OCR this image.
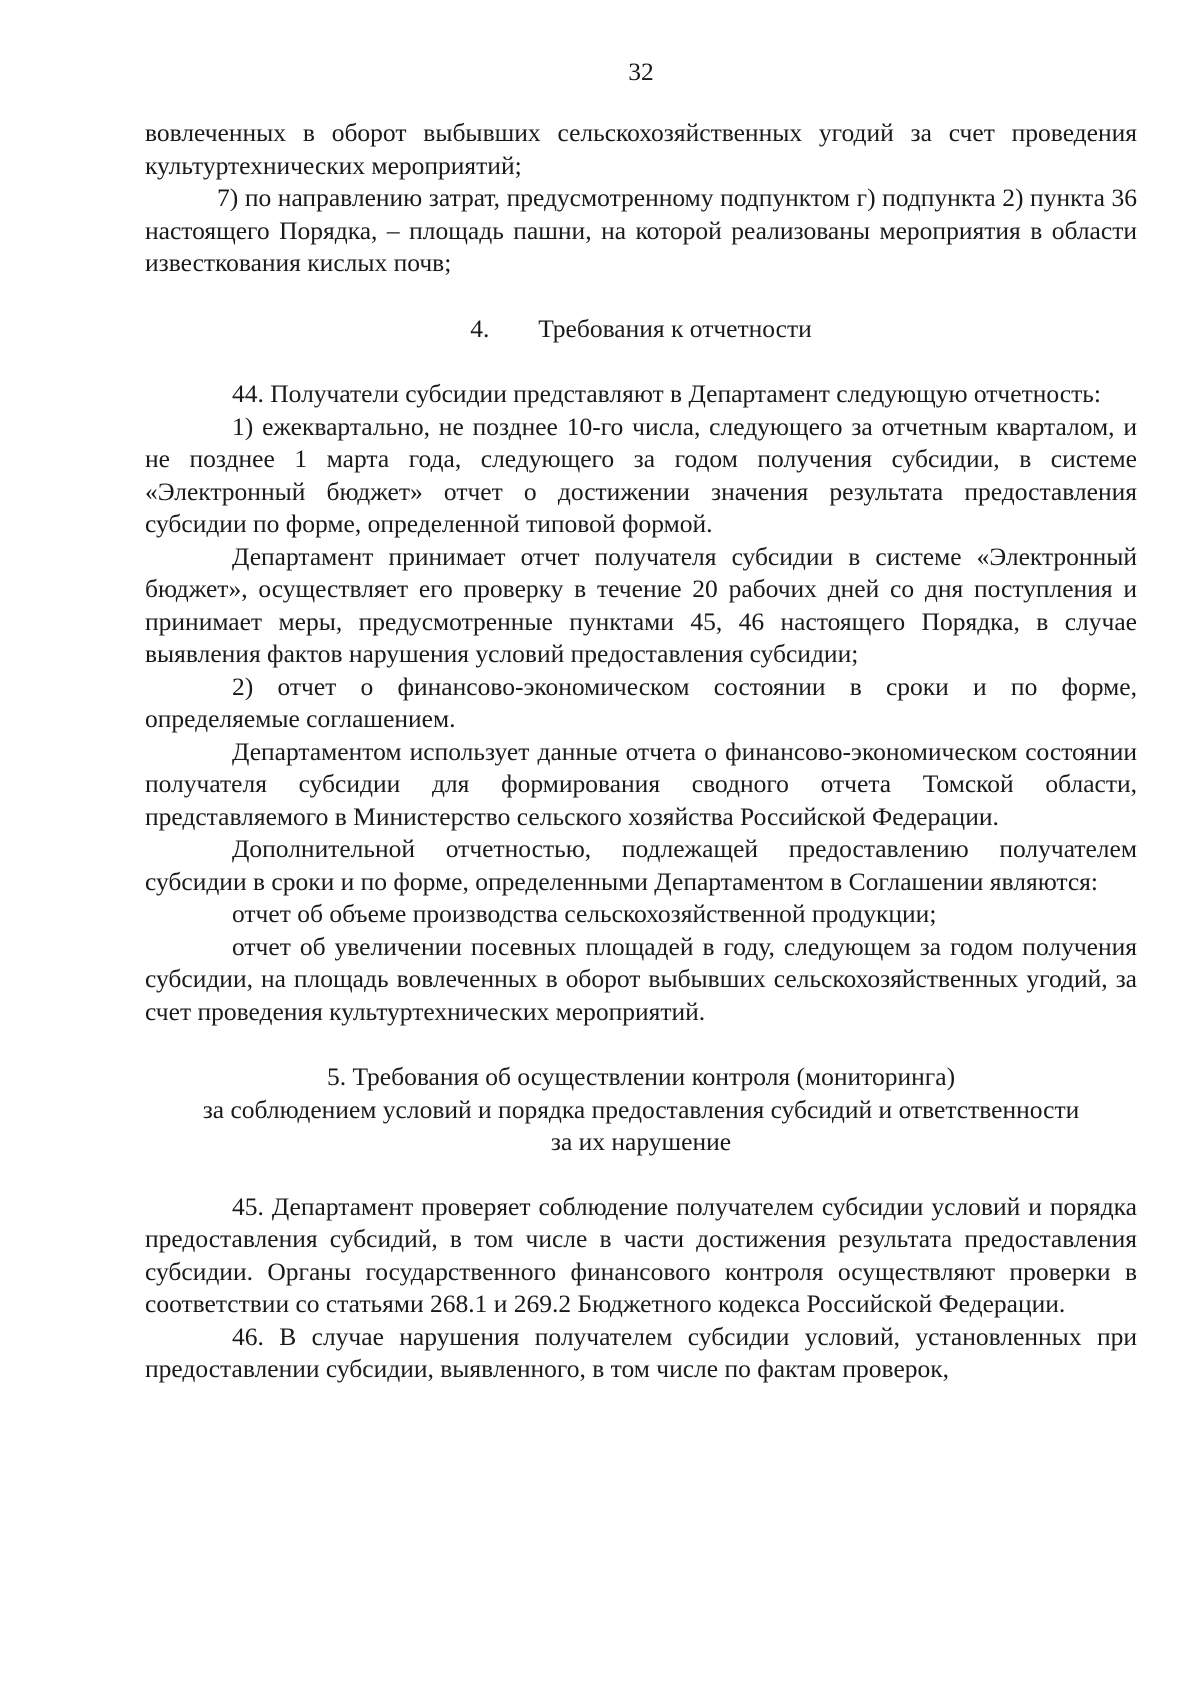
32

вовлеченных в оборот выбывших сельскохозяйственных угодий за счет проведения культуртехнических мероприятий;

7) по направлению затрат, предусмотренному подпунктом г) подпункта 2) пункта 36 настоящего Порядка, – площадь пашни, на которой реализованы мероприятия в области известкования кислых почв;

4. Требования к отчетности

44. Получатели субсидии представляют в Департамент следующую отчетность:

1) ежеквартально, не позднее 10-го числа, следующего за отчетным кварталом, и не позднее 1 марта года, следующего за годом получения субсидии, в системе «Электронный бюджет» отчет о достижении значения результата предоставления субсидии по форме, определенной типовой формой.

Департамент принимает отчет получателя субсидии в системе «Электронный бюджет», осуществляет его проверку в течение 20 рабочих дней со дня поступления и принимает меры, предусмотренные пунктами 45, 46 настоящего Порядка, в случае выявления фактов нарушения условий предоставления субсидии;

2) отчет о финансово-экономическом состоянии в сроки и по форме, определяемые соглашением.

Департаментом использует данные отчета о финансово-экономическом состоянии получателя субсидии для формирования сводного отчета Томской области, представляемого в Министерство сельского хозяйства Российской Федерации.

Дополнительной отчетностью, подлежащей предоставлению получателем субсидии в сроки и по форме, определенными Департаментом в Соглашении являются:

отчет об объеме производства сельскохозяйственной продукции;

отчет об увеличении посевных площадей в году, следующем за годом получения субсидии, на площадь вовлеченных в оборот выбывших сельскохозяйственных угодий, за счет проведения культуртехнических мероприятий.

5. Требования об осуществлении контроля (мониторинга)
за соблюдением условий и порядка предоставления субсидий и ответственности
за их нарушение

45. Департамент проверяет соблюдение получателем субсидии условий и порядка предоставления субсидий, в том числе в части достижения результата предоставления субсидии. Органы государственного финансового контроля осуществляют проверки в соответствии со статьями 268.1 и 269.2 Бюджетного кодекса Российской Федерации.

46. В случае нарушения получателем субсидии условий, установленных при предоставлении субсидии, выявленного, в том числе по фактам проверок,
